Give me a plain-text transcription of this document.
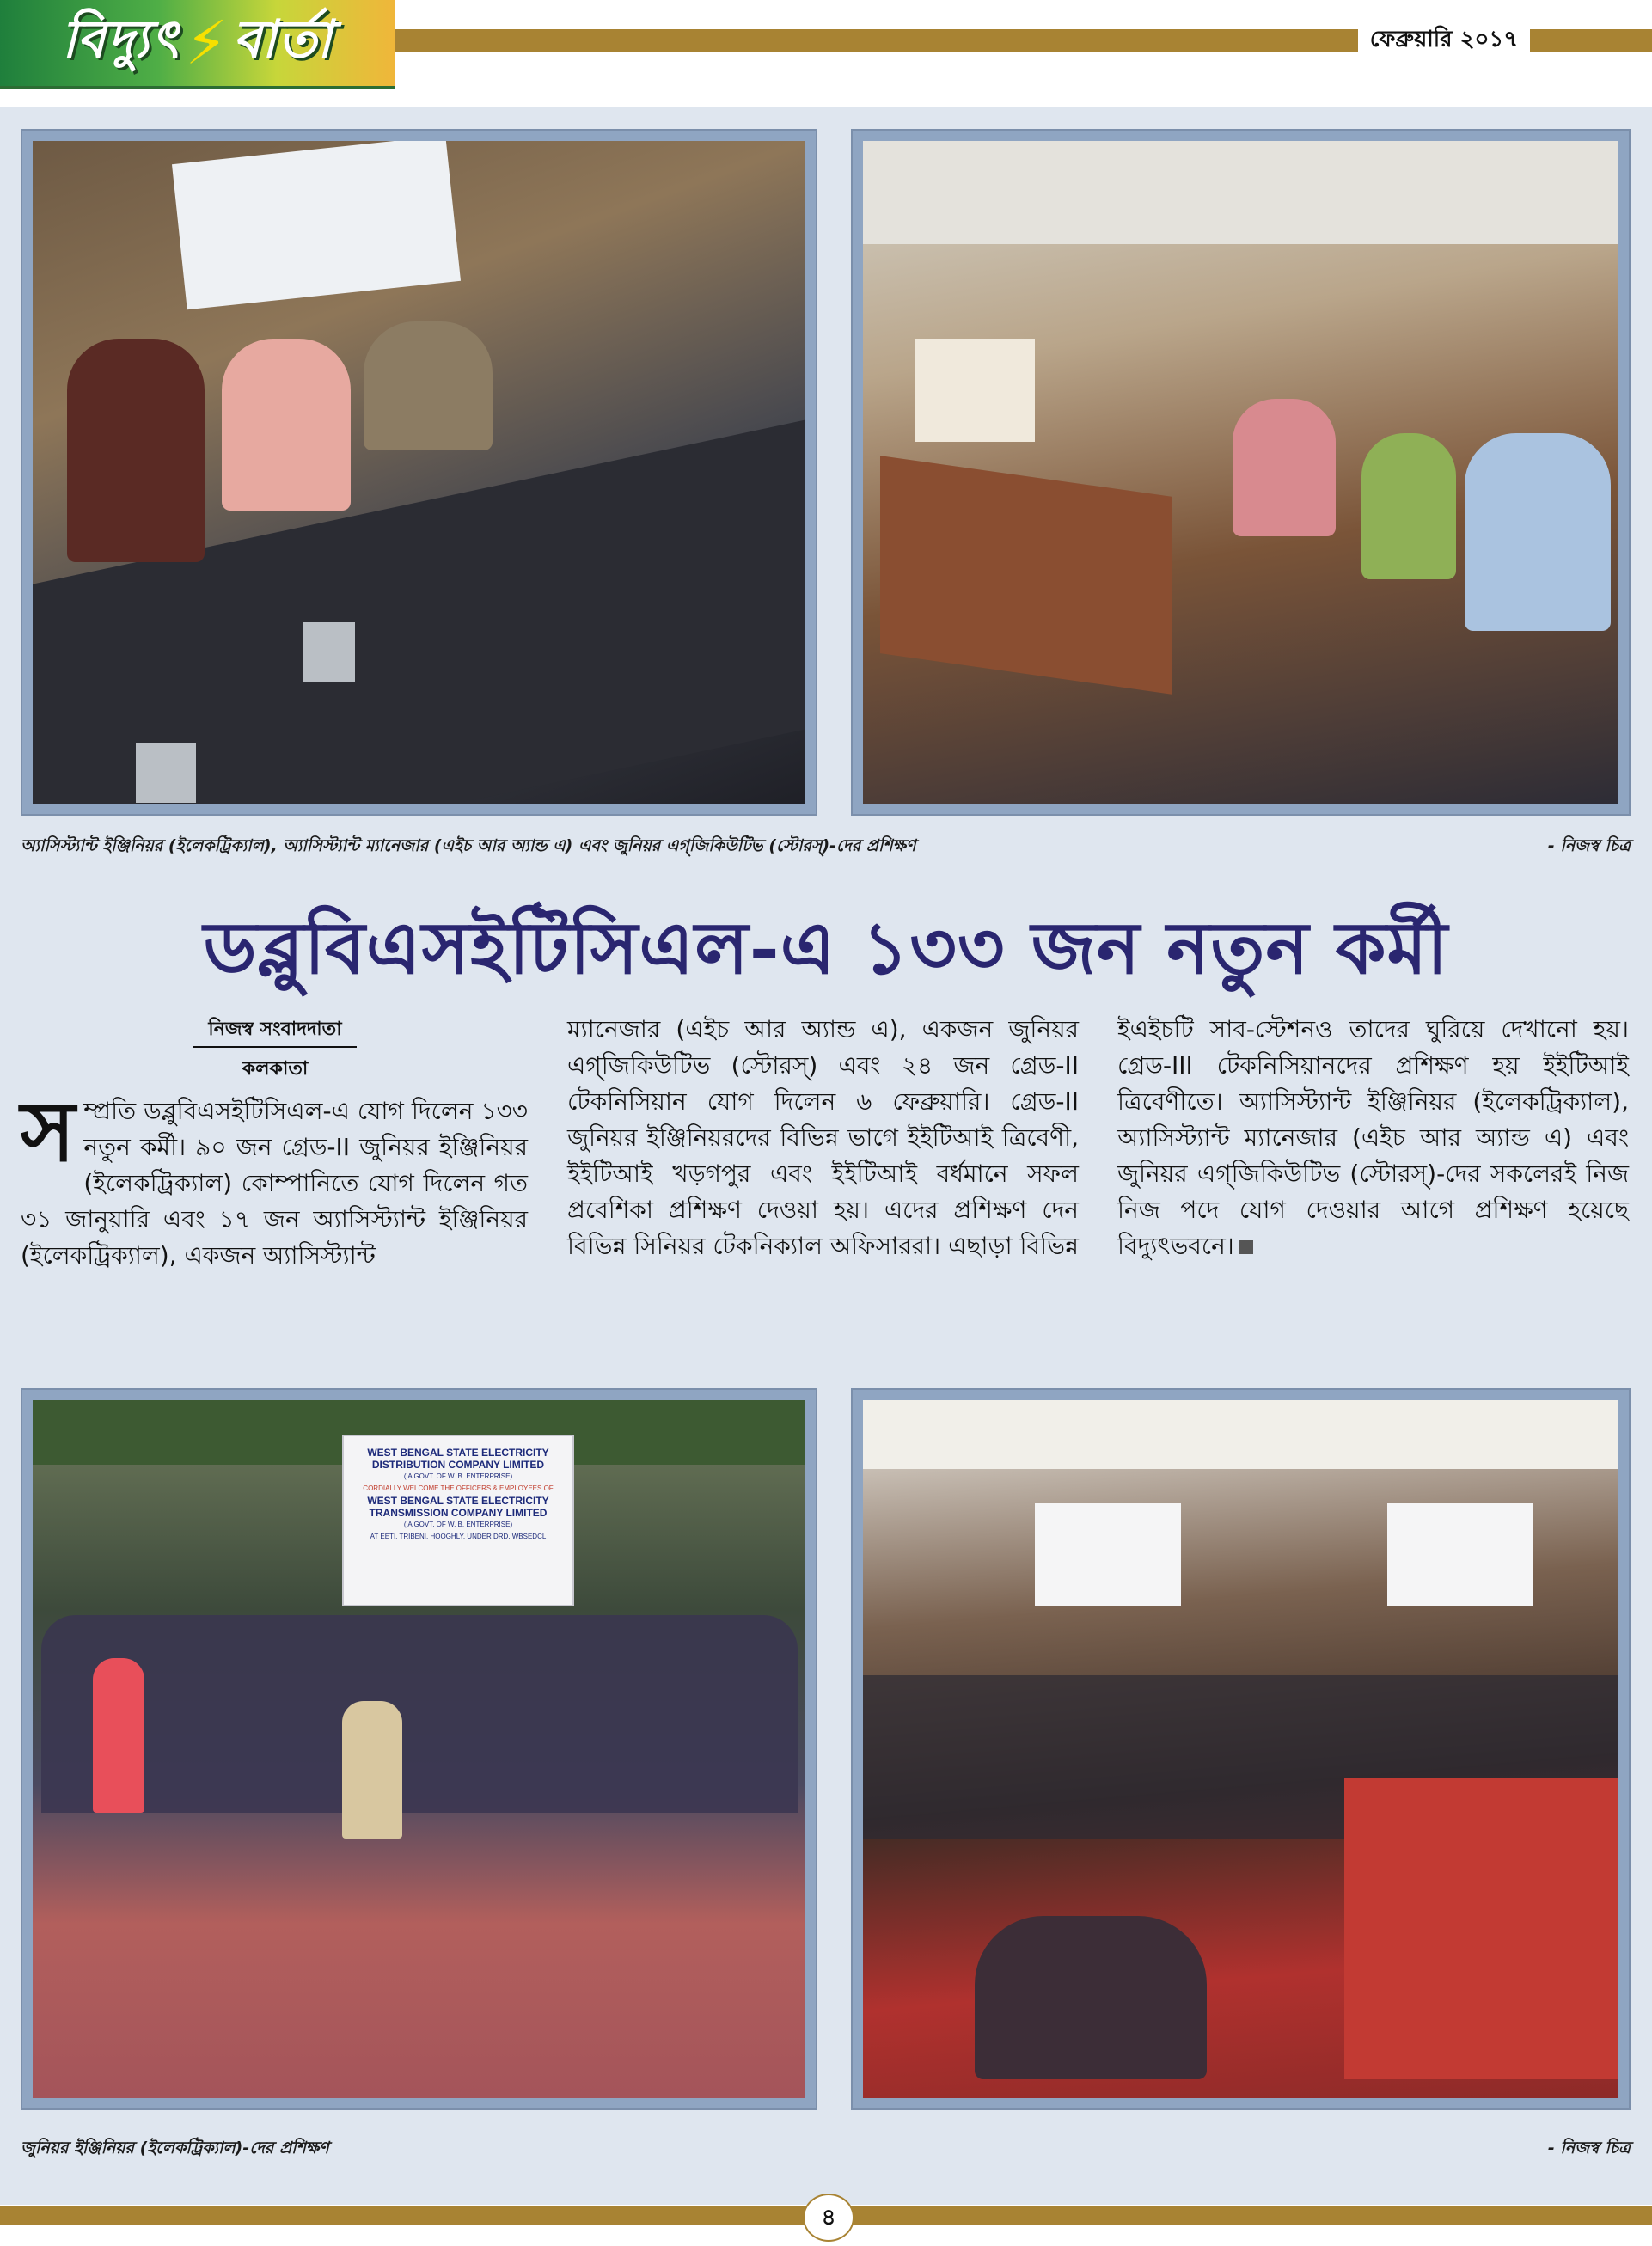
বিদ্যুৎ ⚡ বার্তা	ফেব্রুয়ারি ২০১৭
অ্যাসিস্ট্যান্ট ইঞ্জিনিয়র (ইলেকট্রিক্যাল), অ্যাসিস্ট্যান্ট ম্যানেজার (এইচ আর অ্যান্ড এ) এবং জুনিয়র এগ্‌জিকিউটিভ (স্টোরস্‌)-দের প্রশিক্ষণ	- নিজস্ব চিত্র
ডব্লুবিএসইটিসিএল-এ ১৩৩ জন নতুন কর্মী
নিজস্ব সংবাদদাতা
কলকাতা
স ম্প্রতি ডব্লুবিএসইটিসিএল-এ যোগ দিলেন ১৩৩ নতুন কর্মী। ৯০ জন গ্রেড-II জুনিয়র ইঞ্জিনিয়র (ইলেকট্রিক্যাল) কোম্পানিতে যোগ দিলেন গত ৩১ জানুয়ারি এবং ১৭ জন অ্যাসিস্ট্যান্ট ইঞ্জিনিয়র (ইলেকট্রিক্যাল), একজন অ্যাসিস্ট্যান্ট

ম্যানেজার (এইচ আর অ্যান্ড এ), একজন জুনিয়র এগ্‌জিকিউটিভ (স্টোরস্‌) এবং ২৪ জন গ্রেড-II টেকনিসিয়ান যোগ দিলেন ৬ ফেব্রুয়ারি। গ্রেড-II জুনিয়র ইঞ্জিনিয়রদের বিভিন্ন ভাগে ইইটিআই ত্রিবেণী, ইইটিআই খড়গপুর এবং ইইটিআই বর্ধমানে সফল প্রবেশিকা প্রশিক্ষণ দেওয়া হয়। এদের প্রশিক্ষণ দেন বিভিন্ন সিনিয়র টেকনিক্যাল অফিসাররা। এছাড়া বিভিন্ন

ইএইচটি সাব-স্টেশনও তাদের ঘুরিয়ে দেখানো হয়। গ্রেড-III টেকনিসিয়ানদের প্রশিক্ষণ হয় ইইটিআই ত্রিবেণীতে। অ্যাসিস্ট্যান্ট ইঞ্জিনিয়র (ইলেকট্রিক্যাল), অ্যাসিস্ট্যান্ট ম্যানেজার (এইচ আর অ্যান্ড এ) এবং জুনিয়র এগ্‌জিকিউটিভ (স্টোরস্‌)-দের সকলেরই নিজ নিজ পদে যোগ দেওয়ার আগে প্রশিক্ষণ হয়েছে বিদ্যুৎভবনে।

WEST BENGAL STATE ELECTRICITY
DISTRIBUTION COMPANY LIMITED
( A GOVT. OF W. B. ENTERPRISE)
CORDIALLY WELCOME THE OFFICERS & EMPLOYEES OF
WEST BENGAL STATE ELECTRICITY
TRANSMISSION COMPANY LIMITED
( A GOVT. OF W. B. ENTERPRISE)
AT EETI, TRIBENI, HOOGHLY, UNDER DRD, WBSEDCL
জুনিয়র ইঞ্জিনিয়র (ইলেকট্রিক্যাল)-দের প্রশিক্ষণ	- নিজস্ব চিত্র
৪
